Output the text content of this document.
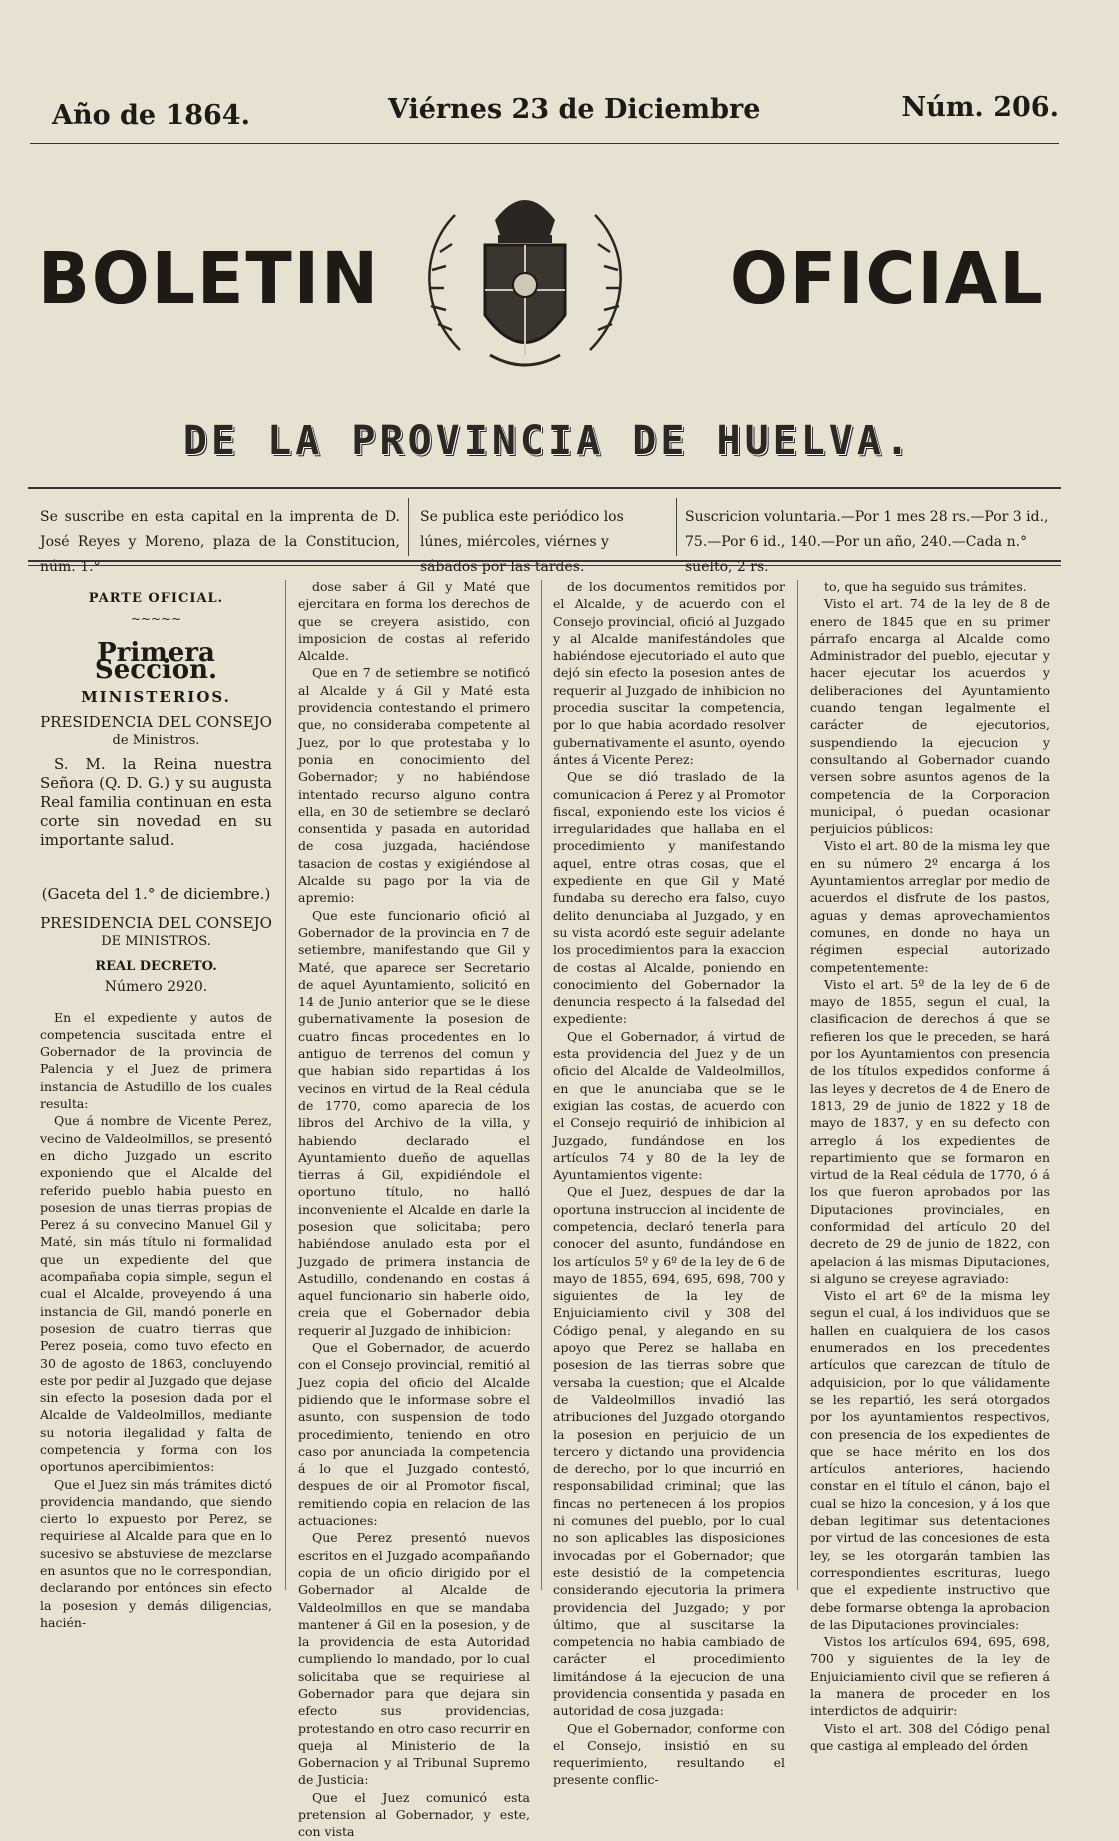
Año de 1864.	Viérnes 23 de Diciembre	Núm. 206.
BOLETIN	OFICIAL
DE LA PROVINCIA DE HUELVA.
Se suscribe en esta capital en la imprenta de D. José Reyes y Moreno, plaza de la Constitucion, núm. 1.°
Se publica este periódico los lúnes, miércoles, viérnes y sábados por las tardes.
Suscricion voluntaria.—Por 1 mes 28 rs.—Por 3 id., 75.—Por 6 id., 140.—Por un año, 240.—Cada n.° suelto, 2 rs.
PARTE OFICIAL.
~~~~~
Primera Seccion.
MINISTERIOS.
PRESIDENCIA DEL CONSEJO
de Ministros.

S. M. la Reina nuestra Señora (Q. D. G.) y su augusta Real familia continuan en esta corte sin novedad en su importante salud.

(Gaceta del 1.° de diciembre.)
PRESIDENCIA DEL CONSEJO
DE MINISTROS.
REAL DECRETO.
Número 2920.

En el expediente y autos de competencia suscitada entre el Gobernador de la provincia de Palencia y el Juez de primera instancia de Astudillo de los cuales resulta:

Que á nombre de Vicente Perez, vecino de Valdeolmillos, se presentó en dicho Juzgado un escrito exponiendo que el Alcalde del referido pueblo habia puesto en posesion de unas tierras propias de Perez á su convecino Manuel Gil y Maté, sin más título ni formalidad que un expediente del que acompañaba copia simple, segun el cual el Alcalde, proveyendo á una instancia de Gil, mandó ponerle en posesion de cuatro tierras que Perez poseia, como tuvo efecto en 30 de agosto de 1863, concluyendo este por pedir al Juzgado que dejase sin efecto la posesion dada por el Alcalde de Valdeolmillos, mediante su notoria ilegalidad y falta de competencia y forma con los oportunos apercibimientos:

Que el Juez sin más trámites dictó providencia mandando, que siendo cierto lo expuesto por Perez, se requiriese al Alcalde para que en lo sucesivo se abstuviese de mezclarse en asuntos que no le correspondian, declarando por entónces sin efecto la posesion y demás diligencias, hacién-

dose saber á Gil y Maté que ejercitara en forma los derechos de que se creyera asistido, con imposicion de costas al referido Alcalde.

Que en 7 de setiembre se notificó al Alcalde y á Gil y Maté esta providencia contestando el primero que, no consideraba competente al Juez, por lo que protestaba y lo ponia en conocimiento del Gobernador; y no habiéndose intentado recurso alguno contra ella, en 30 de setiembre se declaró consentida y pasada en autoridad de cosa juzgada, haciéndose tasacion de costas y exigiéndose al Alcalde su pago por la via de apremio:

Que este funcionario ofició al Gobernador de la provincia en 7 de setiembre, manifestando que Gil y Maté, que aparece ser Secretario de aquel Ayuntamiento, solicitó en 14 de Junio anterior que se le diese gubernativamente la posesion de cuatro fincas procedentes en lo antiguo de terrenos del comun y que habian sido repartidas á los vecinos en virtud de la Real cédula de 1770, como aparecia de los libros del Archivo de la villa, y habiendo declarado el Ayuntamiento dueño de aquellas tierras á Gil, expidiéndole el oportuno título, no halló inconveniente el Alcalde en darle la posesion que solicitaba; pero habiéndose anulado esta por el Juzgado de primera instancia de Astudillo, condenando en costas á aquel funcionario sin haberle oido, creia que el Gobernador debia requerir al Juzgado de inhibicion:

Que el Gobernador, de acuerdo con el Consejo provincial, remitió al Juez copia del oficio del Alcalde pidiendo que le informase sobre el asunto, con suspension de todo procedimiento, teniendo en otro caso por anunciada la competencia á lo que el Juzgado contestó, despues de oir al Promotor fiscal, remitiendo copia en relacion de las actuaciones:

Que Perez presentó nuevos escritos en el Juzgado acompañando copia de un oficio dirigido por el Gobernador al Alcalde de Valdeolmillos en que se mandaba mantener á Gil en la posesion, y de la providencia de esta Autoridad cumpliendo lo mandado, por lo cual solicitaba que se requiriese al Gobernador para que dejara sin efecto sus providencias, protestando en otro caso recurrir en queja al Ministerio de la Gobernacion y al Tribunal Supremo de Justicia:

Que el Juez comunicó esta pretension al Gobernador, y este, con vista

de los documentos remitidos por el Alcalde, y de acuerdo con el Consejo provincial, ofició al Juzgado y al Alcalde manifestándoles que habiéndose ejecutoriado el auto que dejó sin efecto la posesion antes de requerir al Juzgado de inhibicion no procedia suscitar la competencia, por lo que habia acordado resolver gubernativamente el asunto, oyendo ántes á Vicente Perez:

Que se dió traslado de la comunicacion á Perez y al Promotor fiscal, exponiendo este los vicios é irregularidades que hallaba en el procedimiento y manifestando aquel, entre otras cosas, que el expediente en que Gil y Maté fundaba su derecho era falso, cuyo delito denunciaba al Juzgado, y en su vista acordó este seguir adelante los procedimientos para la exaccion de costas al Alcalde, poniendo en conocimiento del Gobernador la denuncia respecto á la falsedad del expediente:

Que el Gobernador, á virtud de esta providencia del Juez y de un oficio del Alcalde de Valdeolmillos, en que le anunciaba que se le exigian las costas, de acuerdo con el Consejo requirió de inhibicion al Juzgado, fundándose en los artículos 74 y 80 de la ley de Ayuntamientos vigente:

Que el Juez, despues de dar la oportuna instruccion al incidente de competencia, declaró tenerla para conocer del asunto, fundándose en los artículos 5º y 6º de la ley de 6 de mayo de 1855, 694, 695, 698, 700 y siguientes de la ley de Enjuiciamiento civil y 308 del Código penal, y alegando en su apoyo que Perez se hallaba en posesion de las tierras sobre que versaba la cuestion; que el Alcalde de Valdeolmillos invadió las atribuciones del Juzgado otorgando la posesion en perjuicio de un tercero y dictando una providencia de derecho, por lo que incurrió en responsabilidad criminal; que las fincas no pertenecen á los propios ni comunes del pueblo, por lo cual no son aplicables las disposiciones invocadas por el Gobernador; que este desistió de la competencia considerando ejecutoria la primera providencia del Juzgado; y por último, que al suscitarse la competencia no habia cambiado de carácter el procedimiento limitándose á la ejecucion de una providencia consentida y pasada en autoridad de cosa juzgada:

Que el Gobernador, conforme con el Consejo, insistió en su requerimiento, resultando el presente conflic-

to, que ha seguido sus trámites.

Visto el art. 74 de la ley de 8 de enero de 1845 que en su primer párrafo encarga al Alcalde como Administrador del pueblo, ejecutar y hacer ejecutar los acuerdos y deliberaciones del Ayuntamiento cuando tengan legalmente el carácter de ejecutorios, suspendiendo la ejecucion y consultando al Gobernador cuando versen sobre asuntos agenos de la competencia de la Corporacion municipal, ó puedan ocasionar perjuicios públicos:

Visto el art. 80 de la misma ley que en su número 2º encarga á los Ayuntamientos arreglar por medio de acuerdos el disfrute de los pastos, aguas y demas aprovechamientos comunes, en donde no haya un régimen especial autorizado competentemente:

Visto el art. 5º de la ley de 6 de mayo de 1855, segun el cual, la clasificacion de derechos á que se refieren los que le preceden, se hará por los Ayuntamientos con presencia de los títulos expedidos conforme á las leyes y decretos de 4 de Enero de 1813, 29 de junio de 1822 y 18 de mayo de 1837, y en su defecto con arreglo á los expedientes de repartimiento que se formaron en virtud de la Real cédula de 1770, ó á los que fueron aprobados por las Diputaciones provinciales, en conformidad del artículo 20 del decreto de 29 de junio de 1822, con apelacion á las mismas Diputaciones, si alguno se creyese agraviado:

Visto el art 6º de la misma ley segun el cual, á los individuos que se hallen en cualquiera de los casos enumerados en los precedentes artículos que carezcan de título de adquisicion, por lo que válidamente se les repartió, les será otorgados por los ayuntamientos respectivos, con presencia de los expedientes de que se hace mérito en los dos artículos anteriores, haciendo constar en el título el cánon, bajo el cual se hizo la concesion, y á los que deban legitimar sus detentaciones por virtud de las concesiones de esta ley, se les otorgarán tambien las correspondientes escrituras, luego que el expediente instructivo que debe formarse obtenga la aprobacion de las Diputaciones provinciales:

Vistos los artículos 694, 695, 698, 700 y siguientes de la ley de Enjuiciamiento civil que se refieren á la manera de proceder en los interdictos de adquirir:

Visto el art. 308 del Código penal que castiga al empleado del órden
